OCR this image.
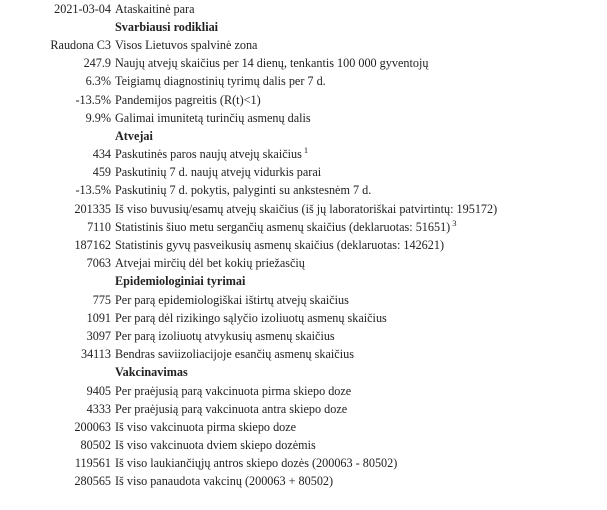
2021-03-04	Ataskaitinė para
	Svarbiausi rodikliai
Raudona C3	Visos Lietuvos spalvinė zona
247.9	Naujų atvejų skaičius per 14 dienų, tenkantis 100 000 gyventojų
6.3%	Teigiamų diagnostinių tyrimų dalis per 7 d.
-13.5%	Pandemijos pagreitis (R(t)<1)
9.9%	Galimai imunitetą turinčių asmenų dalis
	Atvejai
434	Paskutinės paros naujų atvejų skaičius $^1$
459	Paskutinių 7 d. naujų atvejų vidurkis parai
-13.5%	Paskutinių 7 d. pokytis, palyginti su ankstesnėm 7 d.
201335	Iš viso buvusių/esamų atvejų skaičius (iš jų laboratoriškai patvirtintų: 195172)
7110	Statistinis šiuo metu sergančių asmenų skaičius (deklaruotas: 51651) $^3$
187162	Statistinis gyvų pasveikusių asmenų skaičius (deklaruotas: 142621)
7063	Atvejai mirčių dėl bet kokių priežasčių
	Epidemiologiniai tyrimai
775	Per parą epidemiologiškai ištirtų atvejų skaičius
1091	Per parą dėl rizikingo sąlyčio izoliuotų asmenų skaičius
3097	Per parą izoliuotų atvykusių asmenų skaičius
34113	Bendras saviizoliacijoje esančių asmenų skaičius
	Vakcinavimas
9405	Per praėjusią parą vakcinuota pirma skiepo doze
4333	Per praėjusią parą vakcinuota antra skiepo doze
200063	Iš viso vakcinuota pirma skiepo doze
80502	Iš viso vakcinuota dviem skiepo dozėmis
119561	Iš viso laukiančiųjų antros skiepo dozės (200063 - 80502)
280565	Iš viso panaudota vakcinų (200063 + 80502)
